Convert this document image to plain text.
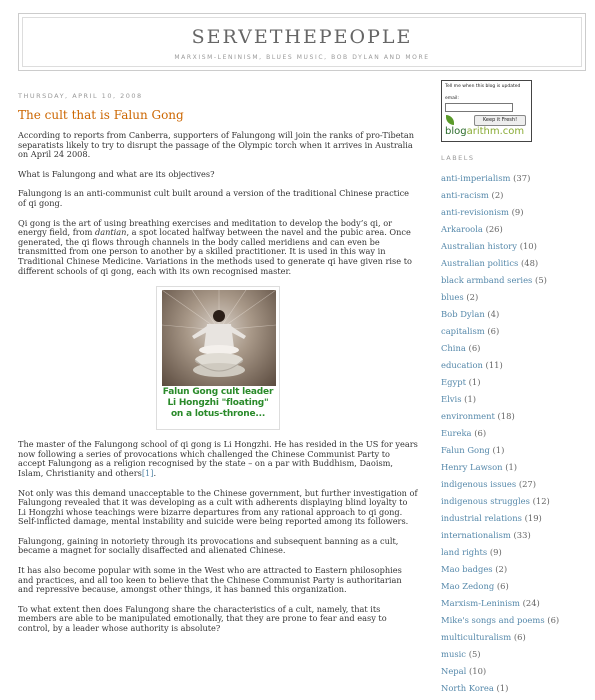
SERVETHEPEOPLE
MARXISM-LENINISM, BLUES MUSIC, BOB DYLAN AND MORE
THURSDAY, APRIL 10, 2008
The cult that is Falun Gong

According to reports from Canberra, supporters of Falungong will join the ranks of pro-Tibetan separatists likely to try to disrupt the passage of the Olympic torch when it arrives in Australia on April 24 2008.

What is Falungong and what are its objectives?

Falungong is an anti-communist cult built around a version of the traditional Chinese practice of qi gong.

Qi gong is the art of using breathing exercises and meditation to develop the body’s qi, or energy field, from dantian, a spot located halfway between the navel and the pubic area. Once generated, the qi flows through channels in the body called meridiens and can even be transmitted from one person to another by a skilled practitioner. It is used in this way in Traditional Chinese Medicine. Variations in the methods used to generate qi have given rise to different schools of qi gong, each with its own recognised master.

Falun Gong cult leader
Li Hongzhi "floating"
on a lotus-throne...

The master of the Falungong school of qi gong is Li Hongzhi. He has resided in the US for years now following a series of provocations which challenged the Chinese Communist Party to accept Falungong as a religion recognised by the state – on a par with Buddhism, Daoism, Islam, Christianity and others[1].

Not only was this demand unacceptable to the Chinese government, but further investigation of Falungong revealed that it was developing as a cult with adherents displaying blind loyalty to Li Hongzhi whose teachings were bizarre departures from any rational approach to qi gong. Self-inflicted damage, mental instability and suicide were being reported among its followers.

Falungong, gaining in notoriety through its provocations and subsequent banning as a cult, became a magnet for socially disaffected and alienated Chinese.

It has also become popular with some in the West who are attracted to Eastern philosophies and practices, and all too keen to believe that the Chinese Communist Party is authoritarian and repressive because, amongst other things, it has banned this organization.

To what extent then does Falungong share the characteristics of a cult, namely, that its members are able to be manipulated emotionally, that they are prone to fear and easy to control, by a leader whose authority is absolute?

Tell me when this blog is updated
email:
Keep it Fresh!
blogarithm.com
LABELS
anti-imperialism (37)
anti-racism (2)
anti-revisionism (9)
Arkaroola (26)
Australian history (10)
Australian politics (48)
black armband series (5)
blues (2)
Bob Dylan (4)
capitalism (6)
China (6)
education (11)
Egypt (1)
Elvis (1)
environment (18)
Eureka (6)
Falun Gong (1)
Henry Lawson (1)
indigenous issues (27)
indigenous struggles (12)
industrial relations (19)
internationalism (33)
land rights (9)
Mao badges (2)
Mao Zedong (6)
Marxism-Leninism (24)
Mike's songs and poems (6)
multiculturalism (6)
music (5)
Nepal (10)
North Korea (1)
